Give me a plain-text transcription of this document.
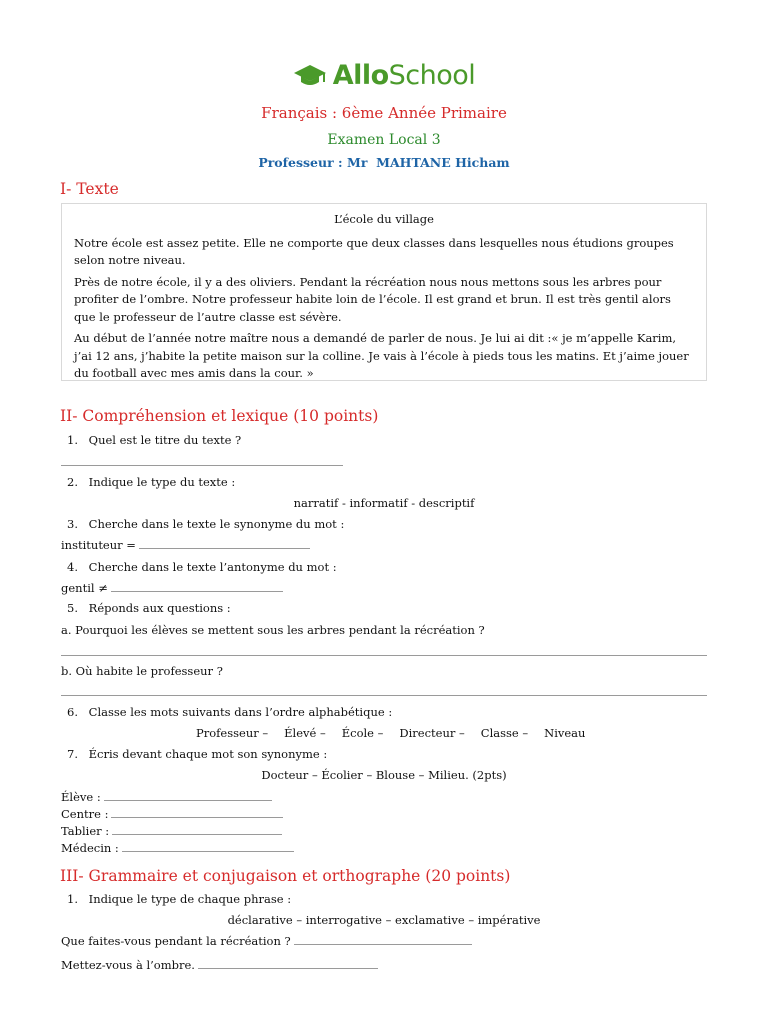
AlloSchool
Français : 6ème Année Primaire
Examen Local 3
Professeur : Mr  MAHTANE Hicham
I- Texte
L’école du village

Notre école est assez petite. Elle ne comporte que deux classes dans lesquelles nous étudions groupes selon notre niveau.

Près de notre école, il y a des oliviers. Pendant la récréation nous nous mettons sous les arbres pour profiter de l’ombre. Notre professeur habite loin de l’école. Il est grand et brun. Il est très gentil alors que le professeur de l’autre classe est sévère.

Au début de l’année notre maître nous a demandé de parler de nous. Je lui ai dit :« je m’appelle Karim, j’ai 12 ans, j’habite la petite maison sur la colline. Je vais à l’école à pieds tous les matins. Et j’aime jouer du football avec mes amis dans la cour. »

II- Compréhension et lexique (10 points)
1. Quel est le titre du texte ?
2. Indique le type du texte :
narratif - informatif - descriptif
3. Cherche dans le texte le synonyme du mot :
instituteur =
4. Cherche dans le texte l’antonyme du mot :
gentil ≠
5. Réponds aux questions :
a. Pourquoi les élèves se mettent sous les arbres pendant la récréation ?
b. Où habite le professeur ?
6. Classe les mots suivants dans l’ordre alphabétique :
Professeur – Élevé – École – Directeur – Classe – Niveau
7. Écris devant chaque mot son synonyme :
Docteur – Écolier – Blouse – Milieu. (2pts)
Élève :
Centre :
Tablier :
Médecin :
III- Grammaire et conjugaison et orthographe (20 points)
1. Indique le type de chaque phrase :
déclarative – interrogative – exclamative – impérative
Que faites-vous pendant la récréation ?
Mettez-vous à l’ombre.
